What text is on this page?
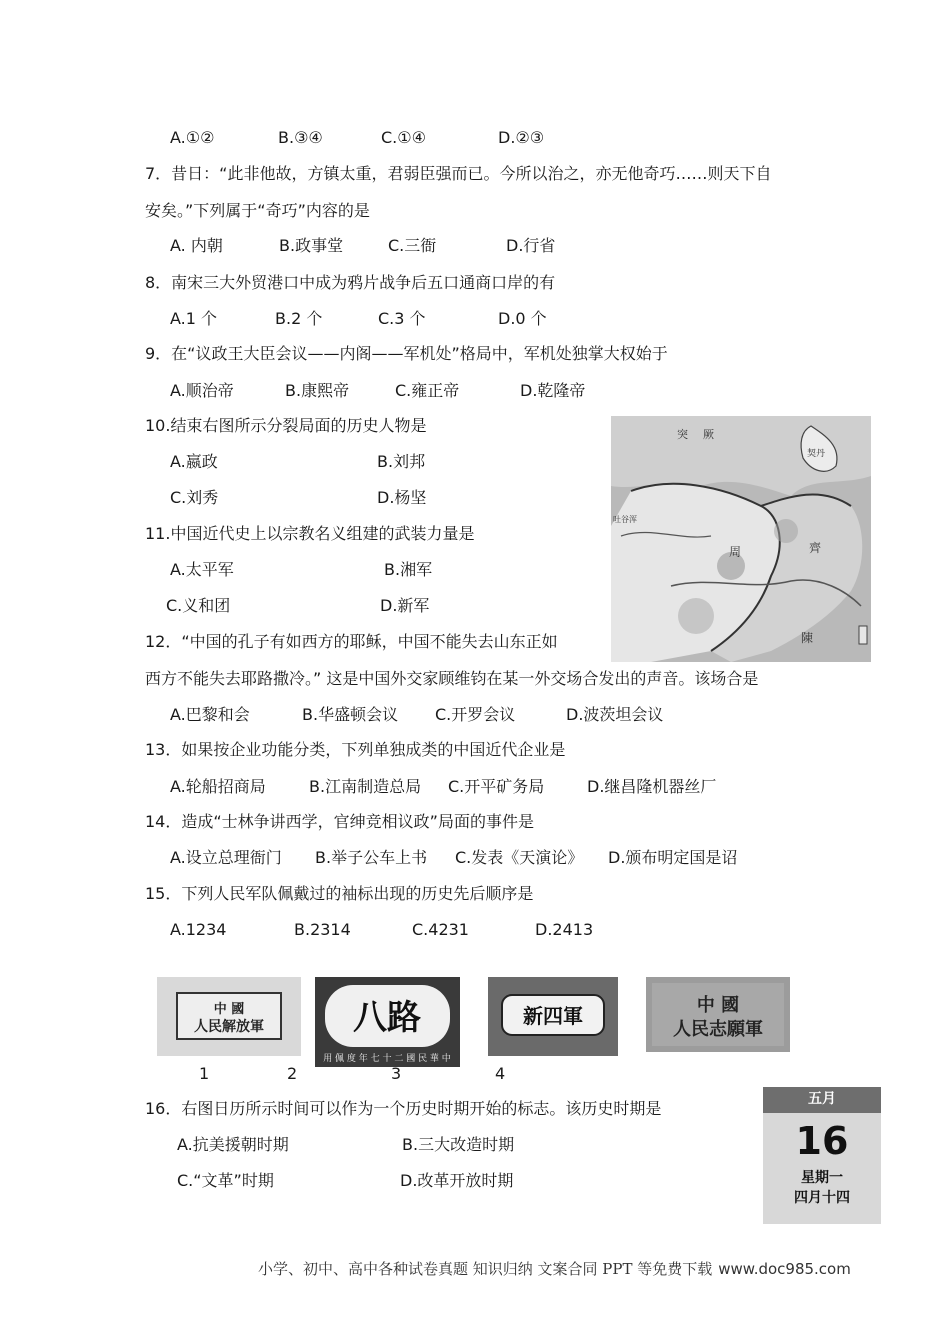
A.①②	B.③④	C.①④	D.②③
7．昔日：“此非他故，方镇太重，君弱臣强而已。今所以治之，亦无他奇巧……则天下自
安矣。”下列属于“奇巧”内容的是
A. 内朝	B.政事堂	C.三衙	D.行省
8．南宋三大外贸港口中成为鸦片战争后五口通商口岸的有
A.1 个	B.2 个	C.3 个	D.0 个
9．在“议政王大臣会议——内阁——军机处”格局中，军机处独掌大权始于
A.顺治帝	B.康熙帝	C.雍正帝	D.乾隆帝
10.结束右图所示分裂局面的历史人物是
A.嬴政	B.刘邦
C.刘秀	D.杨坚
突 厥
契丹
吐谷浑
周	齊
陳
11.中国近代史上以宗教名义组建的武装力量是
A.太平军	B.湘军
C.义和团	D.新军
12．“中国的孔子有如西方的耶稣，中国不能失去山东正如
西方不能失去耶路撒冷。” 这是中国外交家顾维钧在某一外交场合发出的声音。该场合是
A.巴黎和会	B.华盛顿会议 C.开罗会议	D.波茨坦会议
13．如果按企业功能分类，下列单独成类的中国近代企业是
A.轮船招商局	B.江南制造总局 C.开平矿务局	D.继昌隆机器丝厂
14．造成“士林争讲西学，官绅竞相议政”局面的事件是
A.设立总理衙门 B.举子公车上书 C.发表《天演论》 D.颁布明定国是诏
15．下列人民军队佩戴过的袖标出现的历史先后顺序是
A.1234	B.2314	C.4231	D.2413
中 國
人民解放軍	八路
用 佩 度 年 七 十 二 國 民 華 中
新四軍	中 國
人民志願軍
1	2	3	4
16．右图日历所示时间可以作为一个历史时期开始的标志。该历史时期是
A.抗美援朝时期	B.三大改造时期
C.“文革”时期	D.改革开放时期
五月
16
星期一
四月十四
小学、初中、高中各种试卷真题 知识归纳 文案合同 PPT 等免费下载 www.doc985.com
